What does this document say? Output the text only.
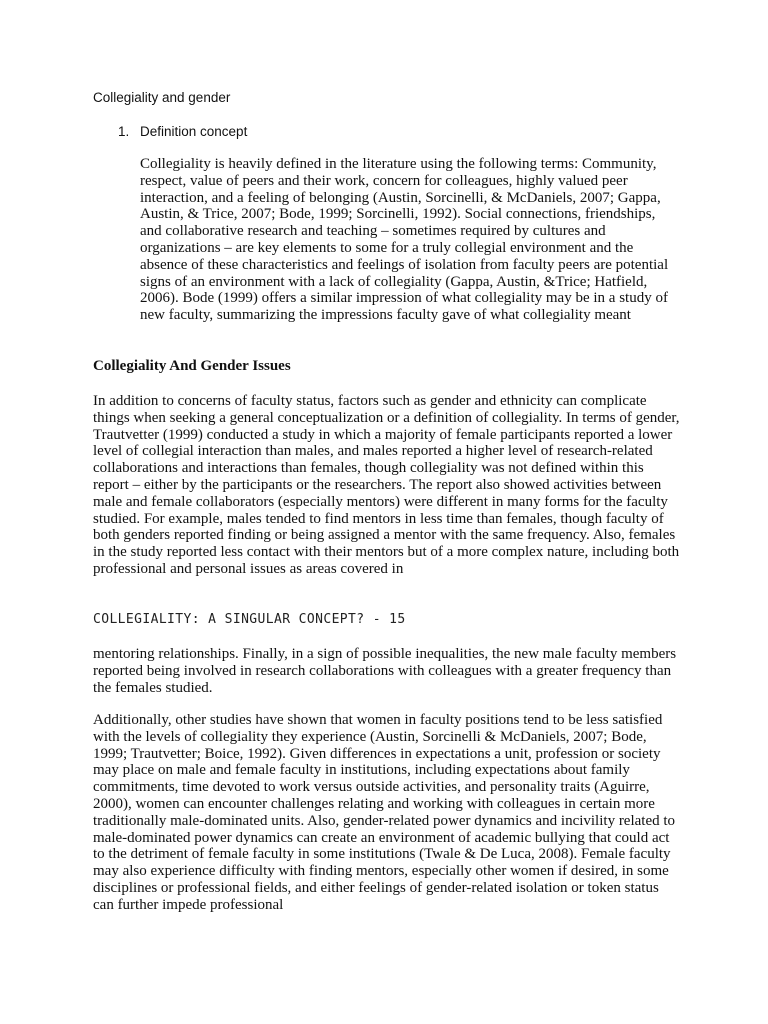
Collegiality and gender

1. Definition concept

Collegiality is heavily defined in the literature using the following terms: Community, respect, value of peers and their work, concern for colleagues, highly valued peer interaction, and a feeling of belonging (Austin, Sorcinelli, & McDaniels, 2007; Gappa, Austin, & Trice, 2007; Bode, 1999; Sorcinelli, 1992). Social connections, friendships, and collaborative research and teaching – sometimes required by cultures and organizations – are key elements to some for a truly collegial environment and the absence of these characteristics and feelings of isolation from faculty peers are potential signs of an environment with a lack of collegiality (Gappa, Austin, &Trice; Hatfield, 2006). Bode (1999) offers a similar impression of what collegiality may be in a study of new faculty, summarizing the impressions faculty gave of what collegiality meant

Collegiality And Gender Issues

In addition to concerns of faculty status, factors such as gender and ethnicity can complicate things when seeking a general conceptualization or a definition of collegiality. In terms of gender, Trautvetter (1999) conducted a study in which a majority of female participants reported a lower level of collegial interaction than males, and males reported a higher level of research-related collaborations and interactions than females, though collegiality was not defined within this report – either by the participants or the researchers. The report also showed activities between male and female collaborators (especially mentors) were different in many forms for the faculty studied. For example, males tended to find mentors in less time than females, though faculty of both genders reported finding or being assigned a mentor with the same frequency. Also, females in the study reported less contact with their mentors but of a more complex nature, including both professional and personal issues as areas covered in

COLLEGIALITY: A SINGULAR CONCEPT? - 15

mentoring relationships. Finally, in a sign of possible inequalities, the new male faculty members reported being involved in research collaborations with colleagues with a greater frequency than the females studied.

Additionally, other studies have shown that women in faculty positions tend to be less satisfied with the levels of collegiality they experience (Austin, Sorcinelli & McDaniels, 2007; Bode, 1999; Trautvetter; Boice, 1992). Given differences in expectations a unit, profession or society may place on male and female faculty in institutions, including expectations about family commitments, time devoted to work versus outside activities, and personality traits (Aguirre, 2000), women can encounter challenges relating and working with colleagues in certain more traditionally male-dominated units. Also, gender-related power dynamics and incivility related to male-dominated power dynamics can create an environment of academic bullying that could act to the detriment of female faculty in some institutions (Twale & De Luca, 2008). Female faculty may also experience difficulty with finding mentors, especially other women if desired, in some disciplines or professional fields, and either feelings of gender-related isolation or token status can further impede professional
